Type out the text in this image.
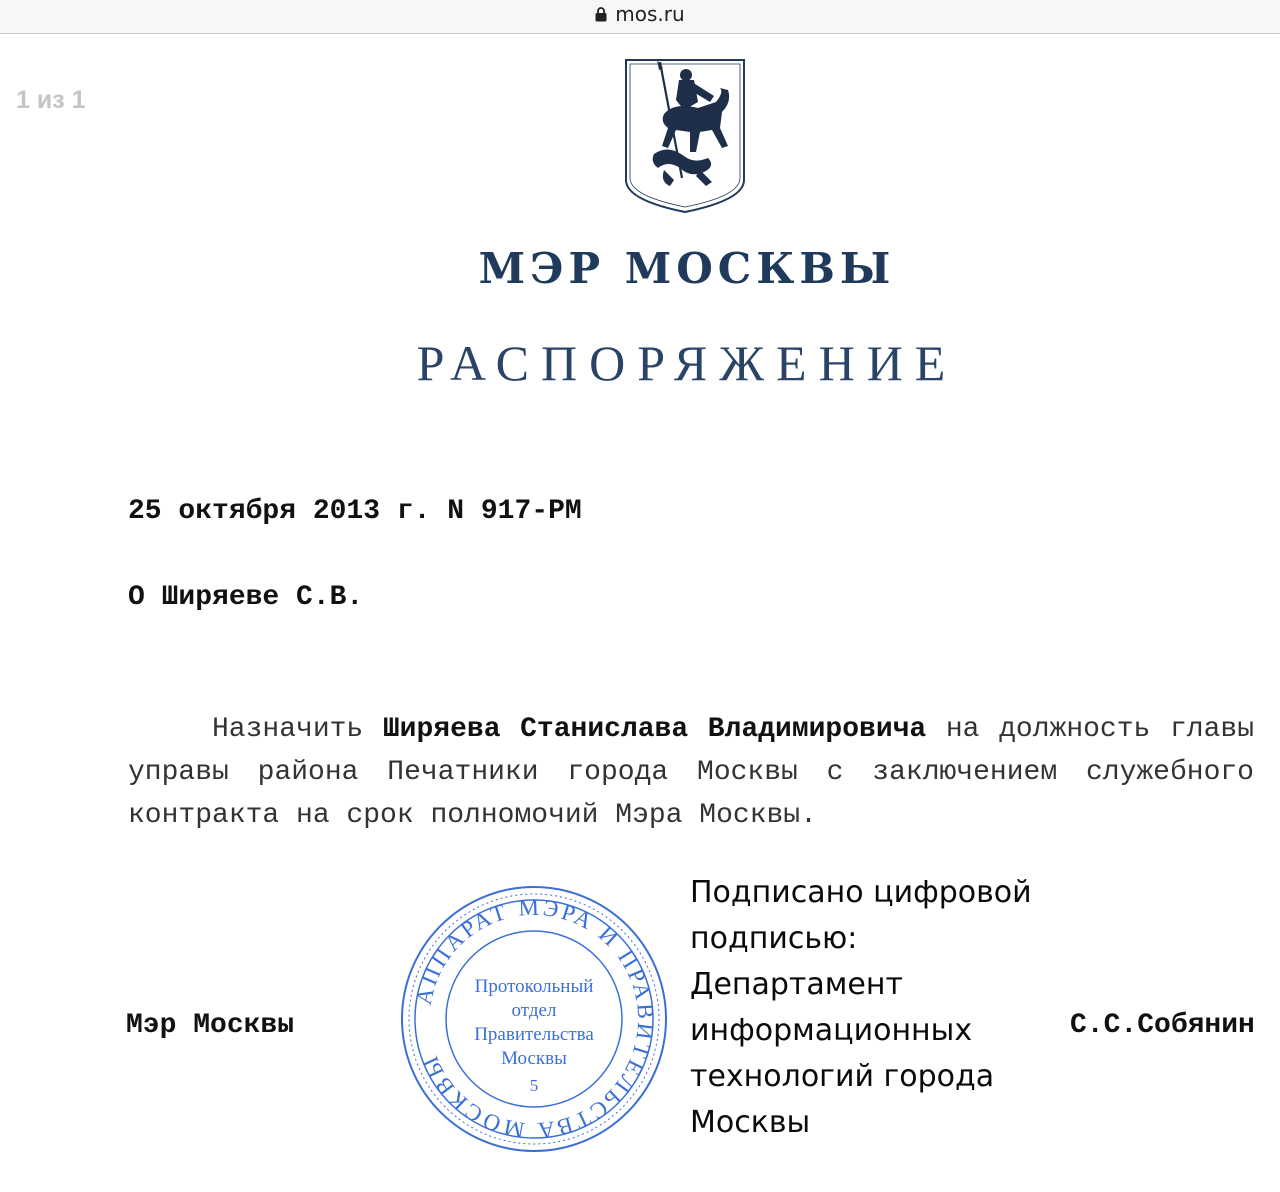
mos.ru
1 из 1
МЭР МОСКВЫ
РАСПОРЯЖЕНИЕ
25 октября 2013 г. N 917-РМ
О Ширяеве С.В.
Назначить Ширяева Станислава Владимировича на должность главы управы района Печатники города Москвы с заключением служебного контракта на срок полномочий Мэра Москвы.
Мэр Москвы
АППАРАТ МЭРА И ПРАВИТЕЛЬСТВА МОСКВЫ
Протокольный
отдел
Правительства
Москвы
5
Подписано цифровой
подписью:
Департамент
информационных
технологий города
Москвы
С.С.Собянин
